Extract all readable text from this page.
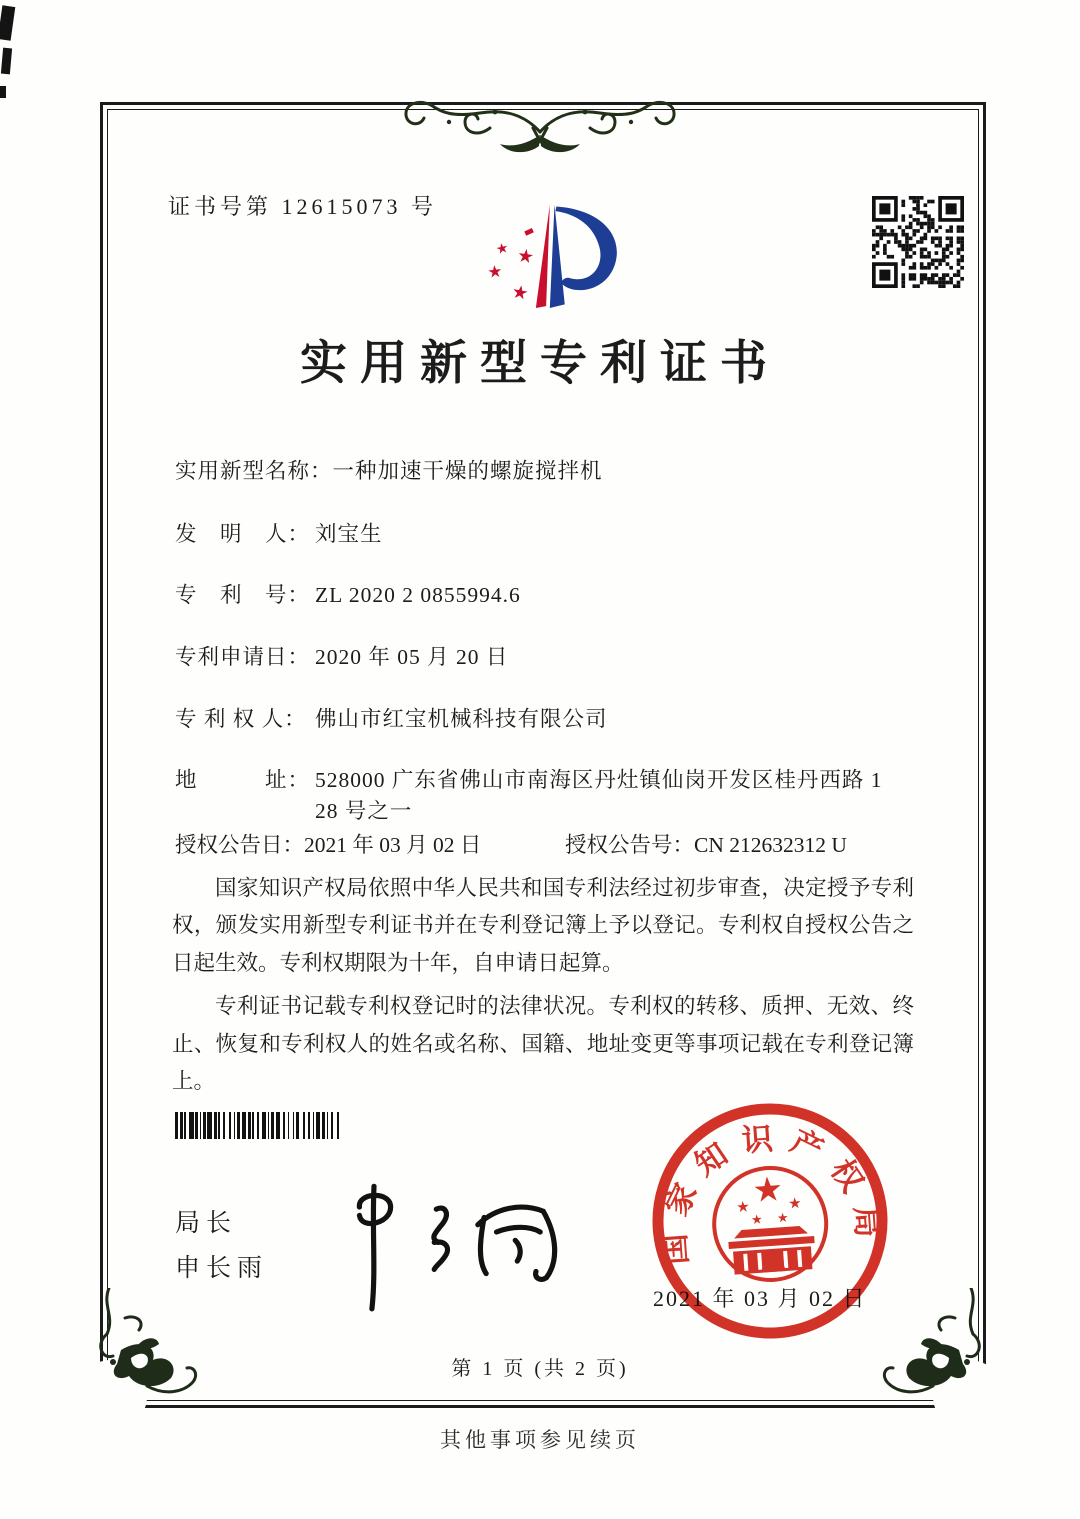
证书号第 12615073 号
★ ★
★
★
实用新型专利证书
实用新型名称：一种加速干燥的螺旋搅拌机
发　明　人： 刘宝生
专　利　号： ZL 2020 2 0855994.6
专利申请日： 2020 年 05 月 20 日
专 利 权 人： 佛山市红宝机械科技有限公司
地　　　址： 528000 广东省佛山市南海区丹灶镇仙岗开发区桂丹西路 1
28 号之一
授权公告日：2021 年 03 月 02 日	授权公告号：CN 212632312 U

国家知识产权局依照中华人民共和国专利法经过初步审查，决定授予专利权，颁发实用新型专利证书并在专利登记簿上予以登记。专利权自授权公告之日起生效。专利权期限为十年，自申请日起算。

专利证书记载专利权登记时的法律状况。专利权的转移、质押、无效、终止、恢复和专利权人的姓名或名称、国籍、地址变更等事项记载在专利登记簿上。

局长
申长雨
2021 年 03 月 02 日
国家知识产权局
★
★ ★
★ ★
第 1 页 (共 2 页)
其他事项参见续页
